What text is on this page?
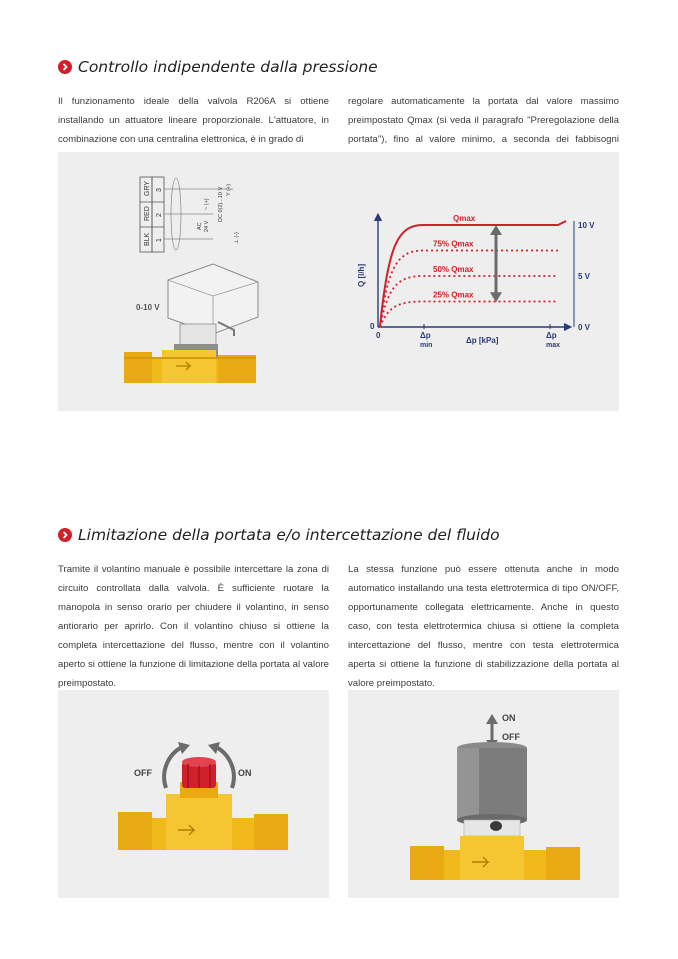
Controllo indipendente dalla pressione
Il funzionamento ideale della valvola R206A si ottiene installando un attuatore lineare proporzionale. L'attuatore, in combinazione con una centralina elettronica, è in grado di
regolare automaticamente la portata dal valore massimo preimpostato Qmax (si veda il paragrafo "Preregolazione della portata"), fino al valore minimo, a seconda dei fabbisogni
GRY
RED
BLK
3
2
1
Y (+)
DC 0(2)...10 V
AC 24 V
~ (+)
⊥ (-)
0-10 V
Qmax
75% Qmax
50% Qmax
25% Qmax
10 V
5 V
0 V
Q [l/h]
Δp [kPa]
0
0	Δp
min
Δp
max
Limitazione della portata e/o intercettazione del fluido
Tramite il volantino manuale è possibile intercettare la zona di circuito controllata dalla valvola. È sufficiente ruotare la manopola in senso orario per chiudere il volantino, in senso antiorario per aprirlo. Con il volantino chiuso si ottiene la completa intercettazione del flusso, mentre con il volantino aperto si ottiene la funzione di limitazione della portata al valore preimpostato.
La stessa funzione può essere ottenuta anche in modo automatico installando una testa elettrotermica di tipo ON/OFF, opportunamente collegata elettricamente. Anche in questo caso, con testa elettrotermica chiusa si ottiene la completa intercettazione del flusso, mentre con testa elettrotermica aperta si ottiene la funzione di stabilizzazione della portata al valore preimpostato.
OFF	ON
ON
OFF
